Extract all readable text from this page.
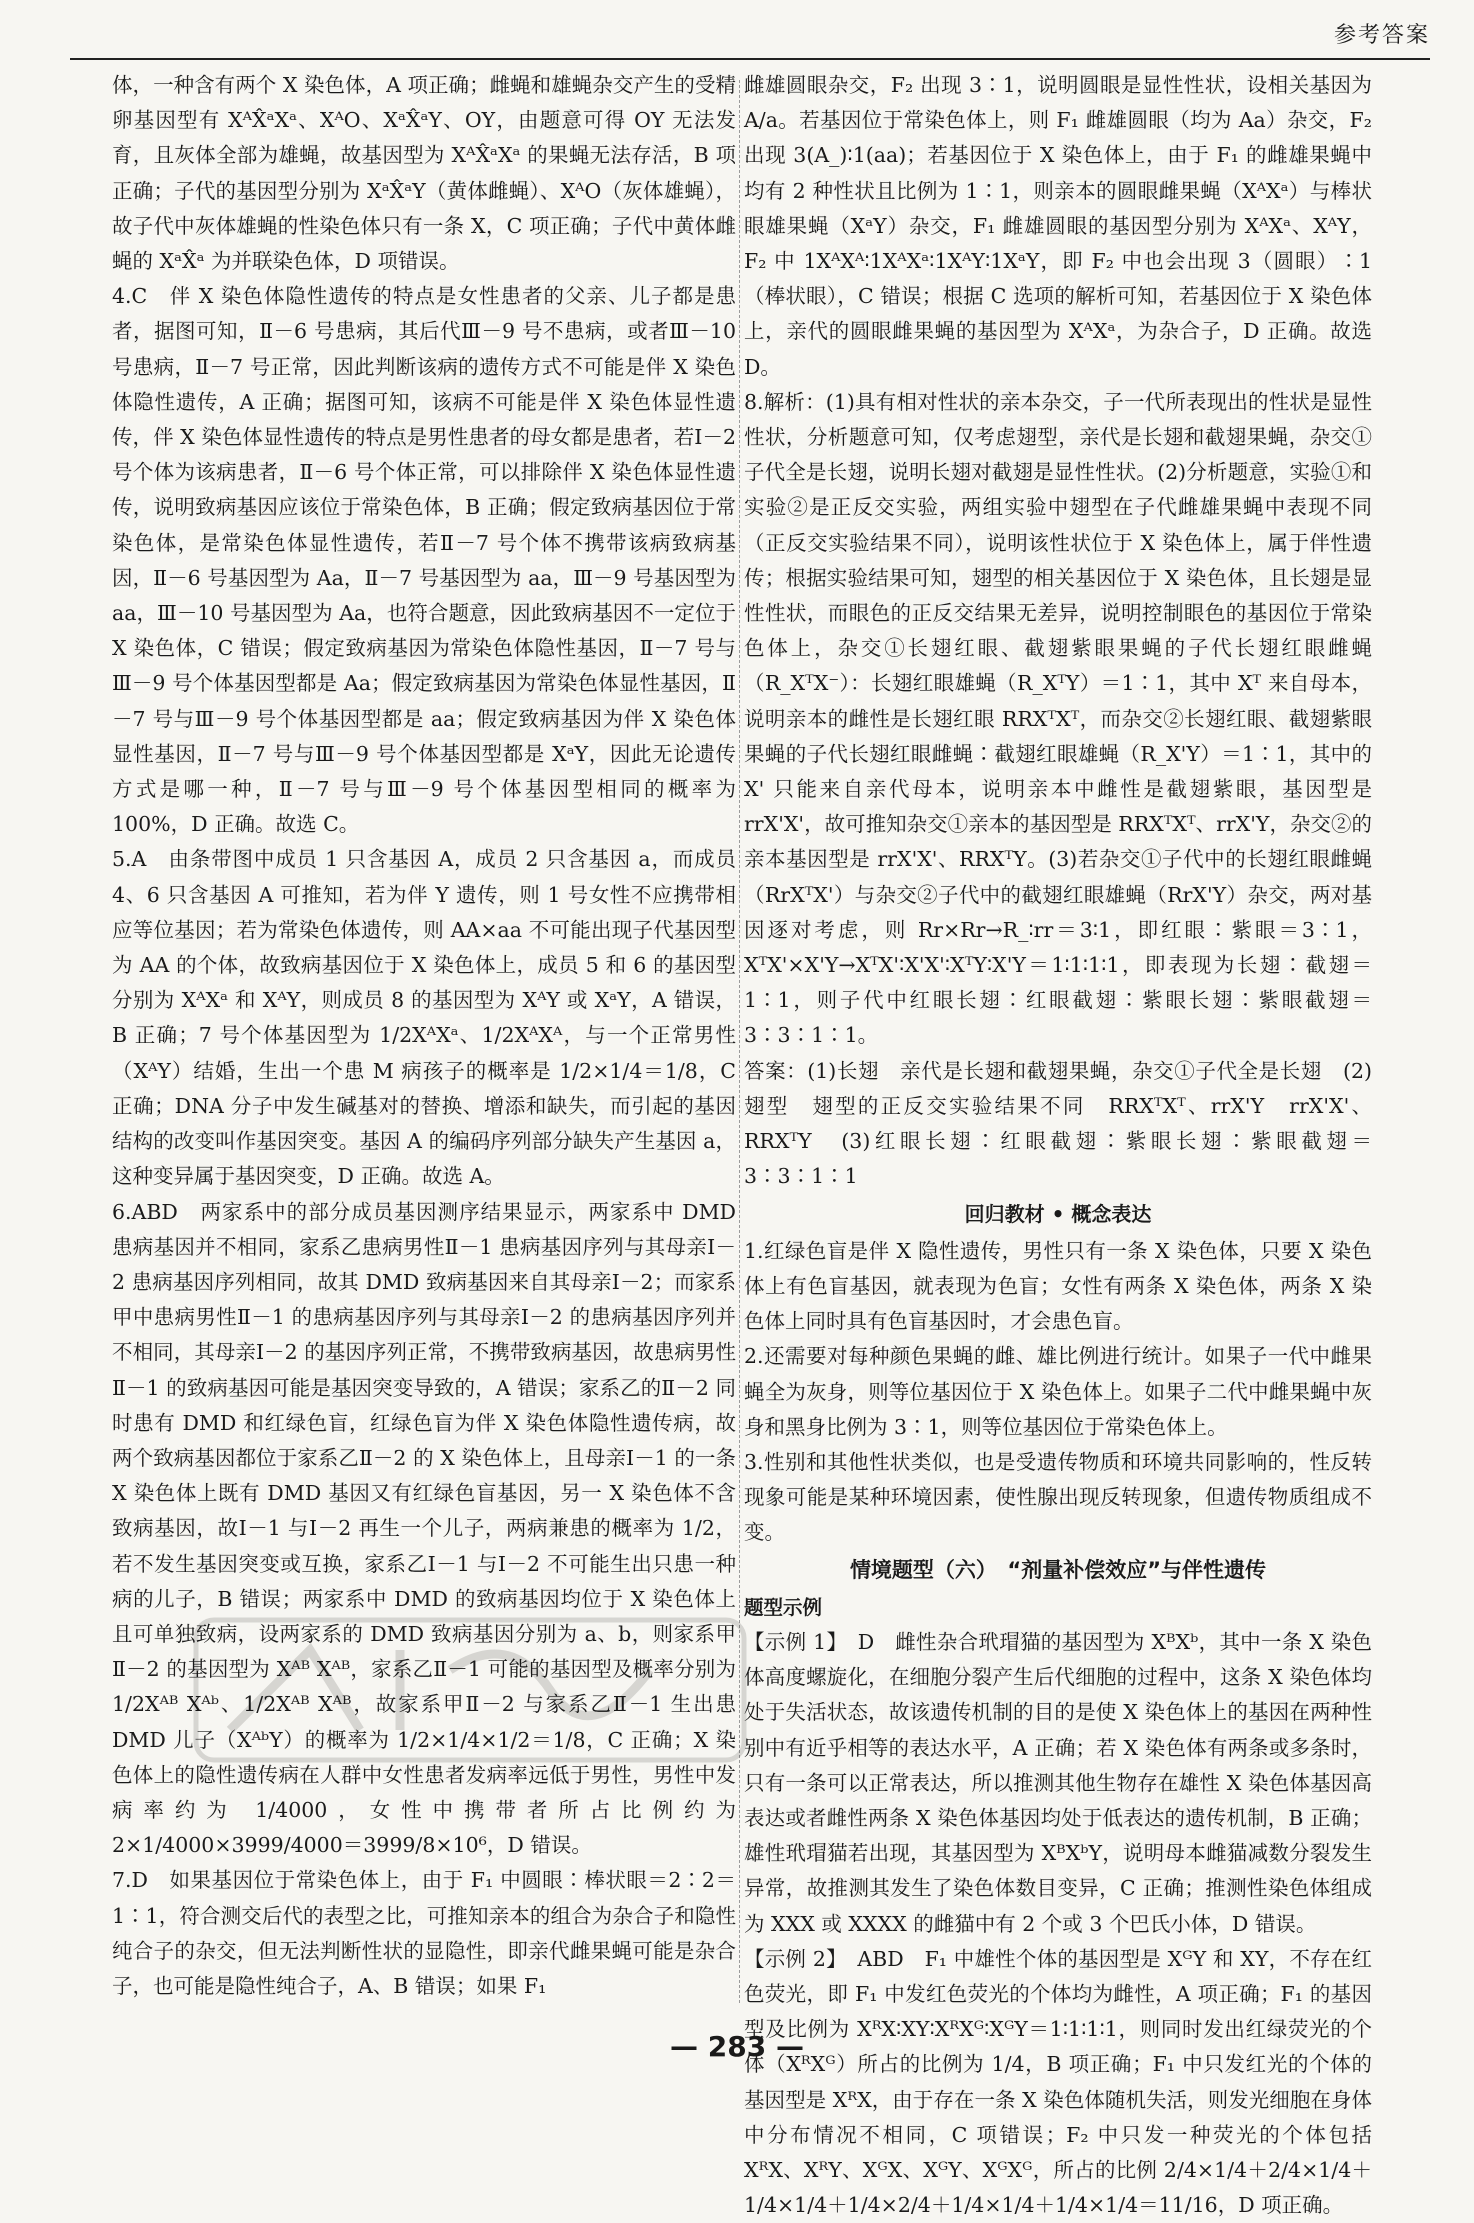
参考答案

体，一种含有两个 X 染色体，A 项正确；雌蝇和雄蝇杂交产生的受精卵基因型有 XᴬX̂ᵃXᵃ、XᴬO、XᵃX̂ᵃY、OY，由题意可得 OY 无法发育，且灰体全部为雄蝇，故基因型为 XᴬX̂ᵃXᵃ 的果蝇无法存活，B 项正确；子代的基因型分别为 XᵃX̂ᵃY（黄体雌蝇）、XᴬO（灰体雄蝇），故子代中灰体雄蝇的性染色体只有一条 X，C 项正确；子代中黄体雌蝇的 XᵃX̂ᵃ 为并联染色体，D 项错误。

4.C　伴 X 染色体隐性遗传的特点是女性患者的父亲、儿子都是患者，据图可知，Ⅱ－6 号患病，其后代Ⅲ－9 号不患病，或者Ⅲ－10 号患病，Ⅱ－7 号正常，因此判断该病的遗传方式不可能是伴 X 染色体隐性遗传，A 正确；据图可知，该病不可能是伴 X 染色体显性遗传，伴 X 染色体显性遗传的特点是男性患者的母女都是患者，若Ⅰ－2 号个体为该病患者，Ⅱ－6 号个体正常，可以排除伴 X 染色体显性遗传，说明致病基因应该位于常染色体，B 正确；假定致病基因位于常染色体，是常染色体显性遗传，若Ⅱ－7 号个体不携带该病致病基因，Ⅱ－6 号基因型为 Aa，Ⅱ－7 号基因型为 aa，Ⅲ－9 号基因型为 aa，Ⅲ－10 号基因型为 Aa，也符合题意，因此致病基因不一定位于 X 染色体，C 错误；假定致病基因为常染色体隐性基因，Ⅱ－7 号与Ⅲ－9 号个体基因型都是 Aa；假定致病基因为常染色体显性基因，Ⅱ－7 号与Ⅲ－9 号个体基因型都是 aa；假定致病基因为伴 X 染色体显性基因，Ⅱ－7 号与Ⅲ－9 号个体基因型都是 XᵃY，因此无论遗传方式是哪一种，Ⅱ－7 号与Ⅲ－9 号个体基因型相同的概率为 100%，D 正确。故选 C。

5.A　由条带图中成员 1 只含基因 A，成员 2 只含基因 a，而成员 4、6 只含基因 A 可推知，若为伴 Y 遗传，则 1 号女性不应携带相应等位基因；若为常染色体遗传，则 AA×aa 不可能出现子代基因型为 AA 的个体，故致病基因位于 X 染色体上，成员 5 和 6 的基因型分别为 XᴬXᵃ 和 XᴬY，则成员 8 的基因型为 XᴬY 或 XᵃY，A 错误，B 正确；7 号个体基因型为 1/2XᴬXᵃ、1/2XᴬXᴬ，与一个正常男性（XᴬY）结婚，生出一个患 M 病孩子的概率是 1/2×1/4＝1/8，C 正确；DNA 分子中发生碱基对的替换、增添和缺失，而引起的基因结构的改变叫作基因突变。基因 A 的编码序列部分缺失产生基因 a，这种变异属于基因突变，D 正确。故选 A。

6.ABD　两家系中的部分成员基因测序结果显示，两家系中 DMD 患病基因并不相同，家系乙患病男性Ⅱ－1 患病基因序列与其母亲Ⅰ－2 患病基因序列相同，故其 DMD 致病基因来自其母亲Ⅰ－2；而家系甲中患病男性Ⅱ－1 的患病基因序列与其母亲Ⅰ－2 的患病基因序列并不相同，其母亲Ⅰ－2 的基因序列正常，不携带致病基因，故患病男性Ⅱ－1 的致病基因可能是基因突变导致的，A 错误；家系乙的Ⅱ－2 同时患有 DMD 和红绿色盲，红绿色盲为伴 X 染色体隐性遗传病，故两个致病基因都位于家系乙Ⅱ－2 的 X 染色体上，且母亲Ⅰ－1 的一条 X 染色体上既有 DMD 基因又有红绿色盲基因，另一 X 染色体不含致病基因，故Ⅰ－1 与Ⅰ－2 再生一个儿子，两病兼患的概率为 1/2，若不发生基因突变或互换，家系乙Ⅰ－1 与Ⅰ－2 不可能生出只患一种病的儿子，B 错误；两家系中 DMD 的致病基因均位于 X 染色体上且可单独致病，设两家系的 DMD 致病基因分别为 a、b，则家系甲Ⅱ－2 的基因型为 Xᴬᴮ Xᴬᴮ，家系乙Ⅱ－1 可能的基因型及概率分别为 1/2Xᴬᴮ Xᴬᵇ、1/2Xᴬᴮ Xᴬᴮ，故家系甲Ⅱ－2 与家系乙Ⅱ－1 生出患 DMD 儿子（XᴬᵇY）的概率为 1/2×1/4×1/2＝1/8，C 正确；X 染色体上的隐性遗传病在人群中女性患者发病率远低于男性，男性中发病率约为 1/4000，女性中携带者所占比例约为 2×1/4000×3999/4000＝3999/8×10⁶，D 错误。

7.D　如果基因位于常染色体上，由于 F₁ 中圆眼∶棒状眼＝2∶2＝1∶1，符合测交后代的表型之比，可推知亲本的组合为杂合子和隐性纯合子的杂交，但无法判断性状的显隐性，即亲代雌果蝇可能是杂合子，也可能是隐性纯合子，A、B 错误；如果 F₁

雌雄圆眼杂交，F₂ 出现 3∶1，说明圆眼是显性性状，设相关基因为 A/a。若基因位于常染色体上，则 F₁ 雌雄圆眼（均为 Aa）杂交，F₂ 出现 3(A_)∶1(aa)；若基因位于 X 染色体上，由于 F₁ 的雌雄果蝇中均有 2 种性状且比例为 1∶1，则亲本的圆眼雌果蝇（XᴬXᵃ）与棒状眼雄果蝇（XᵃY）杂交，F₁ 雌雄圆眼的基因型分别为 XᴬXᵃ、XᴬY，F₂ 中 1XᴬXᴬ∶1XᴬXᵃ∶1XᴬY∶1XᵃY，即 F₂ 中也会出现 3（圆眼）∶1（棒状眼），C 错误；根据 C 选项的解析可知，若基因位于 X 染色体上，亲代的圆眼雌果蝇的基因型为 XᴬXᵃ，为杂合子，D 正确。故选 D。

8.解析：(1)具有相对性状的亲本杂交，子一代所表现出的性状是显性性状，分析题意可知，仅考虑翅型，亲代是长翅和截翅果蝇，杂交①子代全是长翅，说明长翅对截翅是显性性状。(2)分析题意，实验①和实验②是正反交实验，两组实验中翅型在子代雌雄果蝇中表现不同（正反交实验结果不同），说明该性状位于 X 染色体上，属于伴性遗传；根据实验结果可知，翅型的相关基因位于 X 染色体，且长翅是显性性状，而眼色的正反交结果无差异，说明控制眼色的基因位于常染色体上，杂交①长翅红眼、截翅紫眼果蝇的子代长翅红眼雌蝇（R_XᵀX⁻）：长翅红眼雄蝇（R_XᵀY）＝1∶1，其中 Xᵀ 来自母本，说明亲本的雌性是长翅红眼 RRXᵀXᵀ，而杂交②长翅红眼、截翅紫眼果蝇的子代长翅红眼雌蝇∶截翅红眼雄蝇（R_X'Y）＝1∶1，其中的 X' 只能来自亲代母本，说明亲本中雌性是截翅紫眼，基因型是 rrX'X'，故可推知杂交①亲本的基因型是 RRXᵀXᵀ、rrX'Y，杂交②的亲本基因型是 rrX'X'、RRXᵀY。(3)若杂交①子代中的长翅红眼雌蝇（RrXᵀX'）与杂交②子代中的截翅红眼雄蝇（RrX'Y）杂交，两对基因逐对考虑，则 Rr×Rr→R_∶rr＝3∶1，即红眼∶紫眼＝3∶1，XᵀX'×X'Y→XᵀX'∶X'X'∶XᵀY∶X'Y＝1∶1∶1∶1，即表现为长翅∶截翅＝1∶1，则子代中红眼长翅∶红眼截翅∶紫眼长翅∶紫眼截翅＝3∶3∶1∶1。

答案：(1)长翅　亲代是长翅和截翅果蝇，杂交①子代全是长翅　(2)翅型　翅型的正反交实验结果不同　RRXᵀXᵀ、rrX'Y　rrX'X'、RRXᵀY　(3)红眼长翅∶红眼截翅∶紫眼长翅∶紫眼截翅＝3∶3∶1∶1

回归教材 • 概念表达

1.红绿色盲是伴 X 隐性遗传，男性只有一条 X 染色体，只要 X 染色体上有色盲基因，就表现为色盲；女性有两条 X 染色体，两条 X 染色体上同时具有色盲基因时，才会患色盲。

2.还需要对每种颜色果蝇的雌、雄比例进行统计。如果子一代中雌果蝇全为灰身，则等位基因位于 X 染色体上。如果子二代中雌果蝇中灰身和黑身比例为 3∶1，则等位基因位于常染色体上。

3.性别和其他性状类似，也是受遗传物质和环境共同影响的，性反转现象可能是某种环境因素，使性腺出现反转现象，但遗传物质组成不变。

情境题型（六）　“剂量补偿效应”与伴性遗传

题型示例

【示例 1】　D　雌性杂合玳瑁猫的基因型为 XᴮXᵇ，其中一条 X 染色体高度螺旋化，在细胞分裂产生后代细胞的过程中，这条 X 染色体均处于失活状态，故该遗传机制的目的是使 X 染色体上的基因在两种性别中有近乎相等的表达水平，A 正确；若 X 染色体有两条或多条时，只有一条可以正常表达，所以推测其他生物存在雄性 X 染色体基因高表达或者雌性两条 X 染色体基因均处于低表达的遗传机制，B 正确；雄性玳瑁猫若出现，其基因型为 XᴮXᵇY，说明母本雌猫减数分裂发生异常，故推测其发生了染色体数目变异，C 正确；推测性染色体组成为 XXX 或 XXXX 的雌猫中有 2 个或 3 个巴氏小体，D 错误。

【示例 2】　ABD　F₁ 中雄性个体的基因型是 XᴳY 和 XY，不存在红色荧光，即 F₁ 中发红色荧光的个体均为雌性，A 项正确；F₁ 的基因型及比例为 XᴿX∶XY∶XᴿXᴳ∶XᴳY＝1∶1∶1∶1，则同时发出红绿荧光的个体（XᴿXᴳ）所占的比例为 1/4，B 项正确；F₁ 中只发红光的个体的基因型是 XᴿX，由于存在一条 X 染色体随机失活，则发光细胞在身体中分布情况不相同，C 项错误；F₂ 中只发一种荧光的个体包括 XᴿX、XᴿY、XᴳX、XᴳY、XᴳXᴳ，所占的比例 2/4×1/4＋2/4×1/4＋1/4×1/4＋1/4×2/4＋1/4×1/4＋1/4×1/4＝11/16，D 项正确。

— 283 —
